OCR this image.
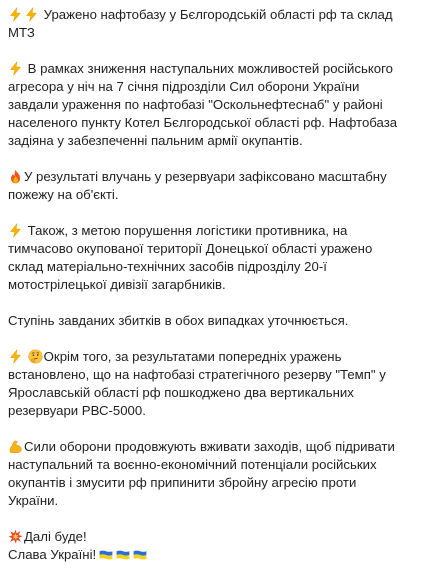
Уражено нафтобазу у Бєлгородській області рф та склад
МТЗ
В рамках зниження наступальних можливостей російського
агресора у ніч на 7 січня підрозділи Сил оборони України
завдали ураження по нафтобазі "Оскольнефтеснаб" у районі
населеного пункту Котел Бєлгородської області рф. Нафтобаза
задіяна у забезпеченні пальним армії окупантів.
У результаті влучань у резервуари зафіксовано масштабну
пожежу на об'єкті.
Також, з метою порушення логістики противника, на
тимчасово окупованої території Донецької області уражено
склад матеріально-технічних засобів підрозділу 20-ї
мотострілецької дивізії загарбників.
Ступінь завданих збитків в обох випадках уточнюється.

Окрім того, за результатами попередніх уражень
встановлено, що на нафтобазі стратегічного резерву "Темп" у
Ярославській області рф пошкоджено два вертикальних
резервуари РВС-5000.
Сили оборони продовжують вживати заходів, щоб підривати
наступальний та воєнно-економічний потенціали російських
окупантів і змусити рф припинити збройну агресію проти
України.
Далі буде!
Слава Україні!
